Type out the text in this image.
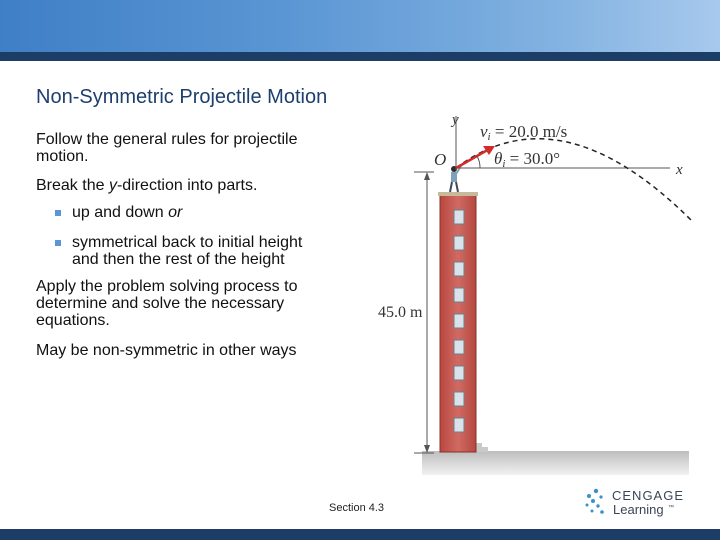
Non-Symmetric Projectile Motion
Follow the general rules for projectile
motion.
Break the y-direction into parts.
up and down or
symmetrical back to initial height
and then the rest of the height
Apply the problem solving process to
determine and solve the necessary
equations.
May be non-symmetric in other ways
y
x
O
vi = 20.0 m/s
θi = 30.0°
45.0 m
Section 4.3
CENGAGE
Learning ™
